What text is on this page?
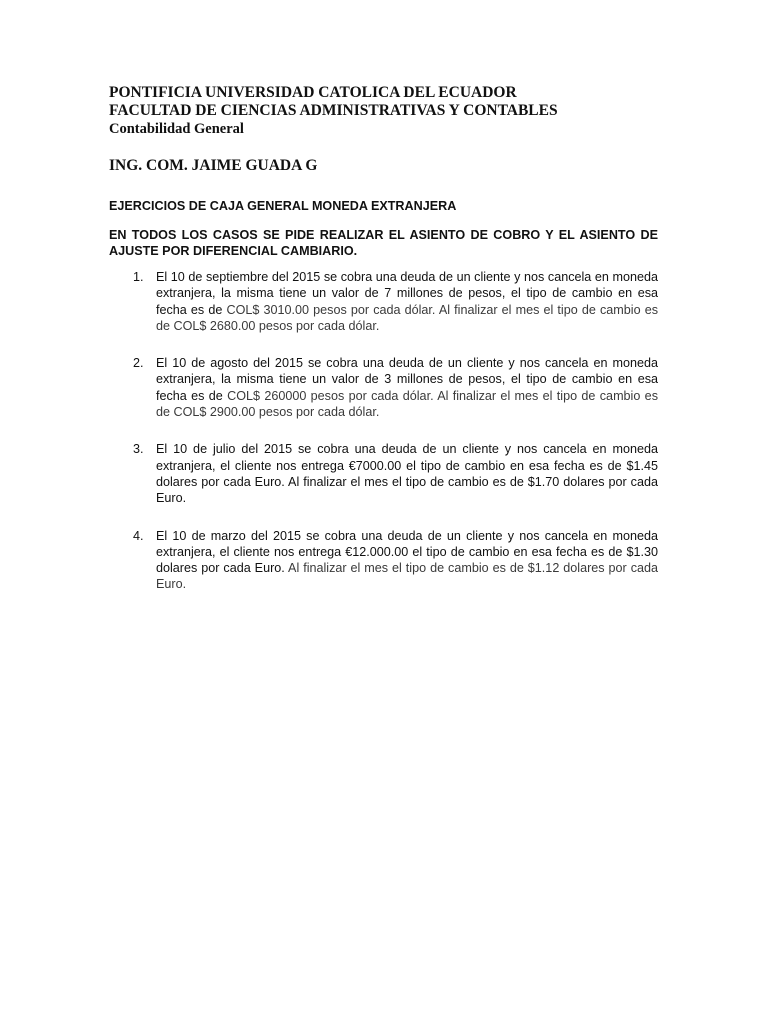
PONTIFICIA UNIVERSIDAD CATOLICA DEL ECUADOR

FACULTAD DE CIENCIAS ADMINISTRATIVAS Y CONTABLES

Contabilidad General

ING. COM. JAIME GUADA G
EJERCICIOS DE CAJA GENERAL MONEDA EXTRANJERA
EN TODOS LOS CASOS SE PIDE REALIZAR EL ASIENTO DE COBRO Y EL ASIENTO DE AJUSTE POR DIFERENCIAL CAMBIARIO.
1. El 10 de septiembre del 2015 se cobra una deuda de un cliente y nos cancela en moneda extranjera, la misma tiene un valor de 7 millones de pesos, el tipo de cambio en esa fecha es de COL$ 3010.00 pesos por cada dólar. Al finalizar el mes el tipo de cambio es de COL$ 2680.00 pesos por cada dólar.
2. El 10 de agosto del 2015 se cobra una deuda de un cliente y nos cancela en moneda extranjera, la misma tiene un valor de 3 millones de pesos, el tipo de cambio en esa fecha es de COL$ 260000 pesos por cada dólar. Al finalizar el mes el tipo de cambio es de COL$ 2900.00 pesos por cada dólar.
3. El 10 de julio del 2015 se cobra una deuda de un cliente y nos cancela en moneda extranjera, el cliente nos entrega €7000.00 el tipo de cambio en esa fecha es de $1.45 dolares por cada Euro. Al finalizar el mes el tipo de cambio es de $1.70 dolares por cada Euro.
4. El 10 de marzo del 2015 se cobra una deuda de un cliente y nos cancela en moneda extranjera, el cliente nos entrega €12.000.00 el tipo de cambio en esa fecha es de $1.30 dolares por cada Euro. Al finalizar el mes el tipo de cambio es de $1.12 dolares por cada Euro.
